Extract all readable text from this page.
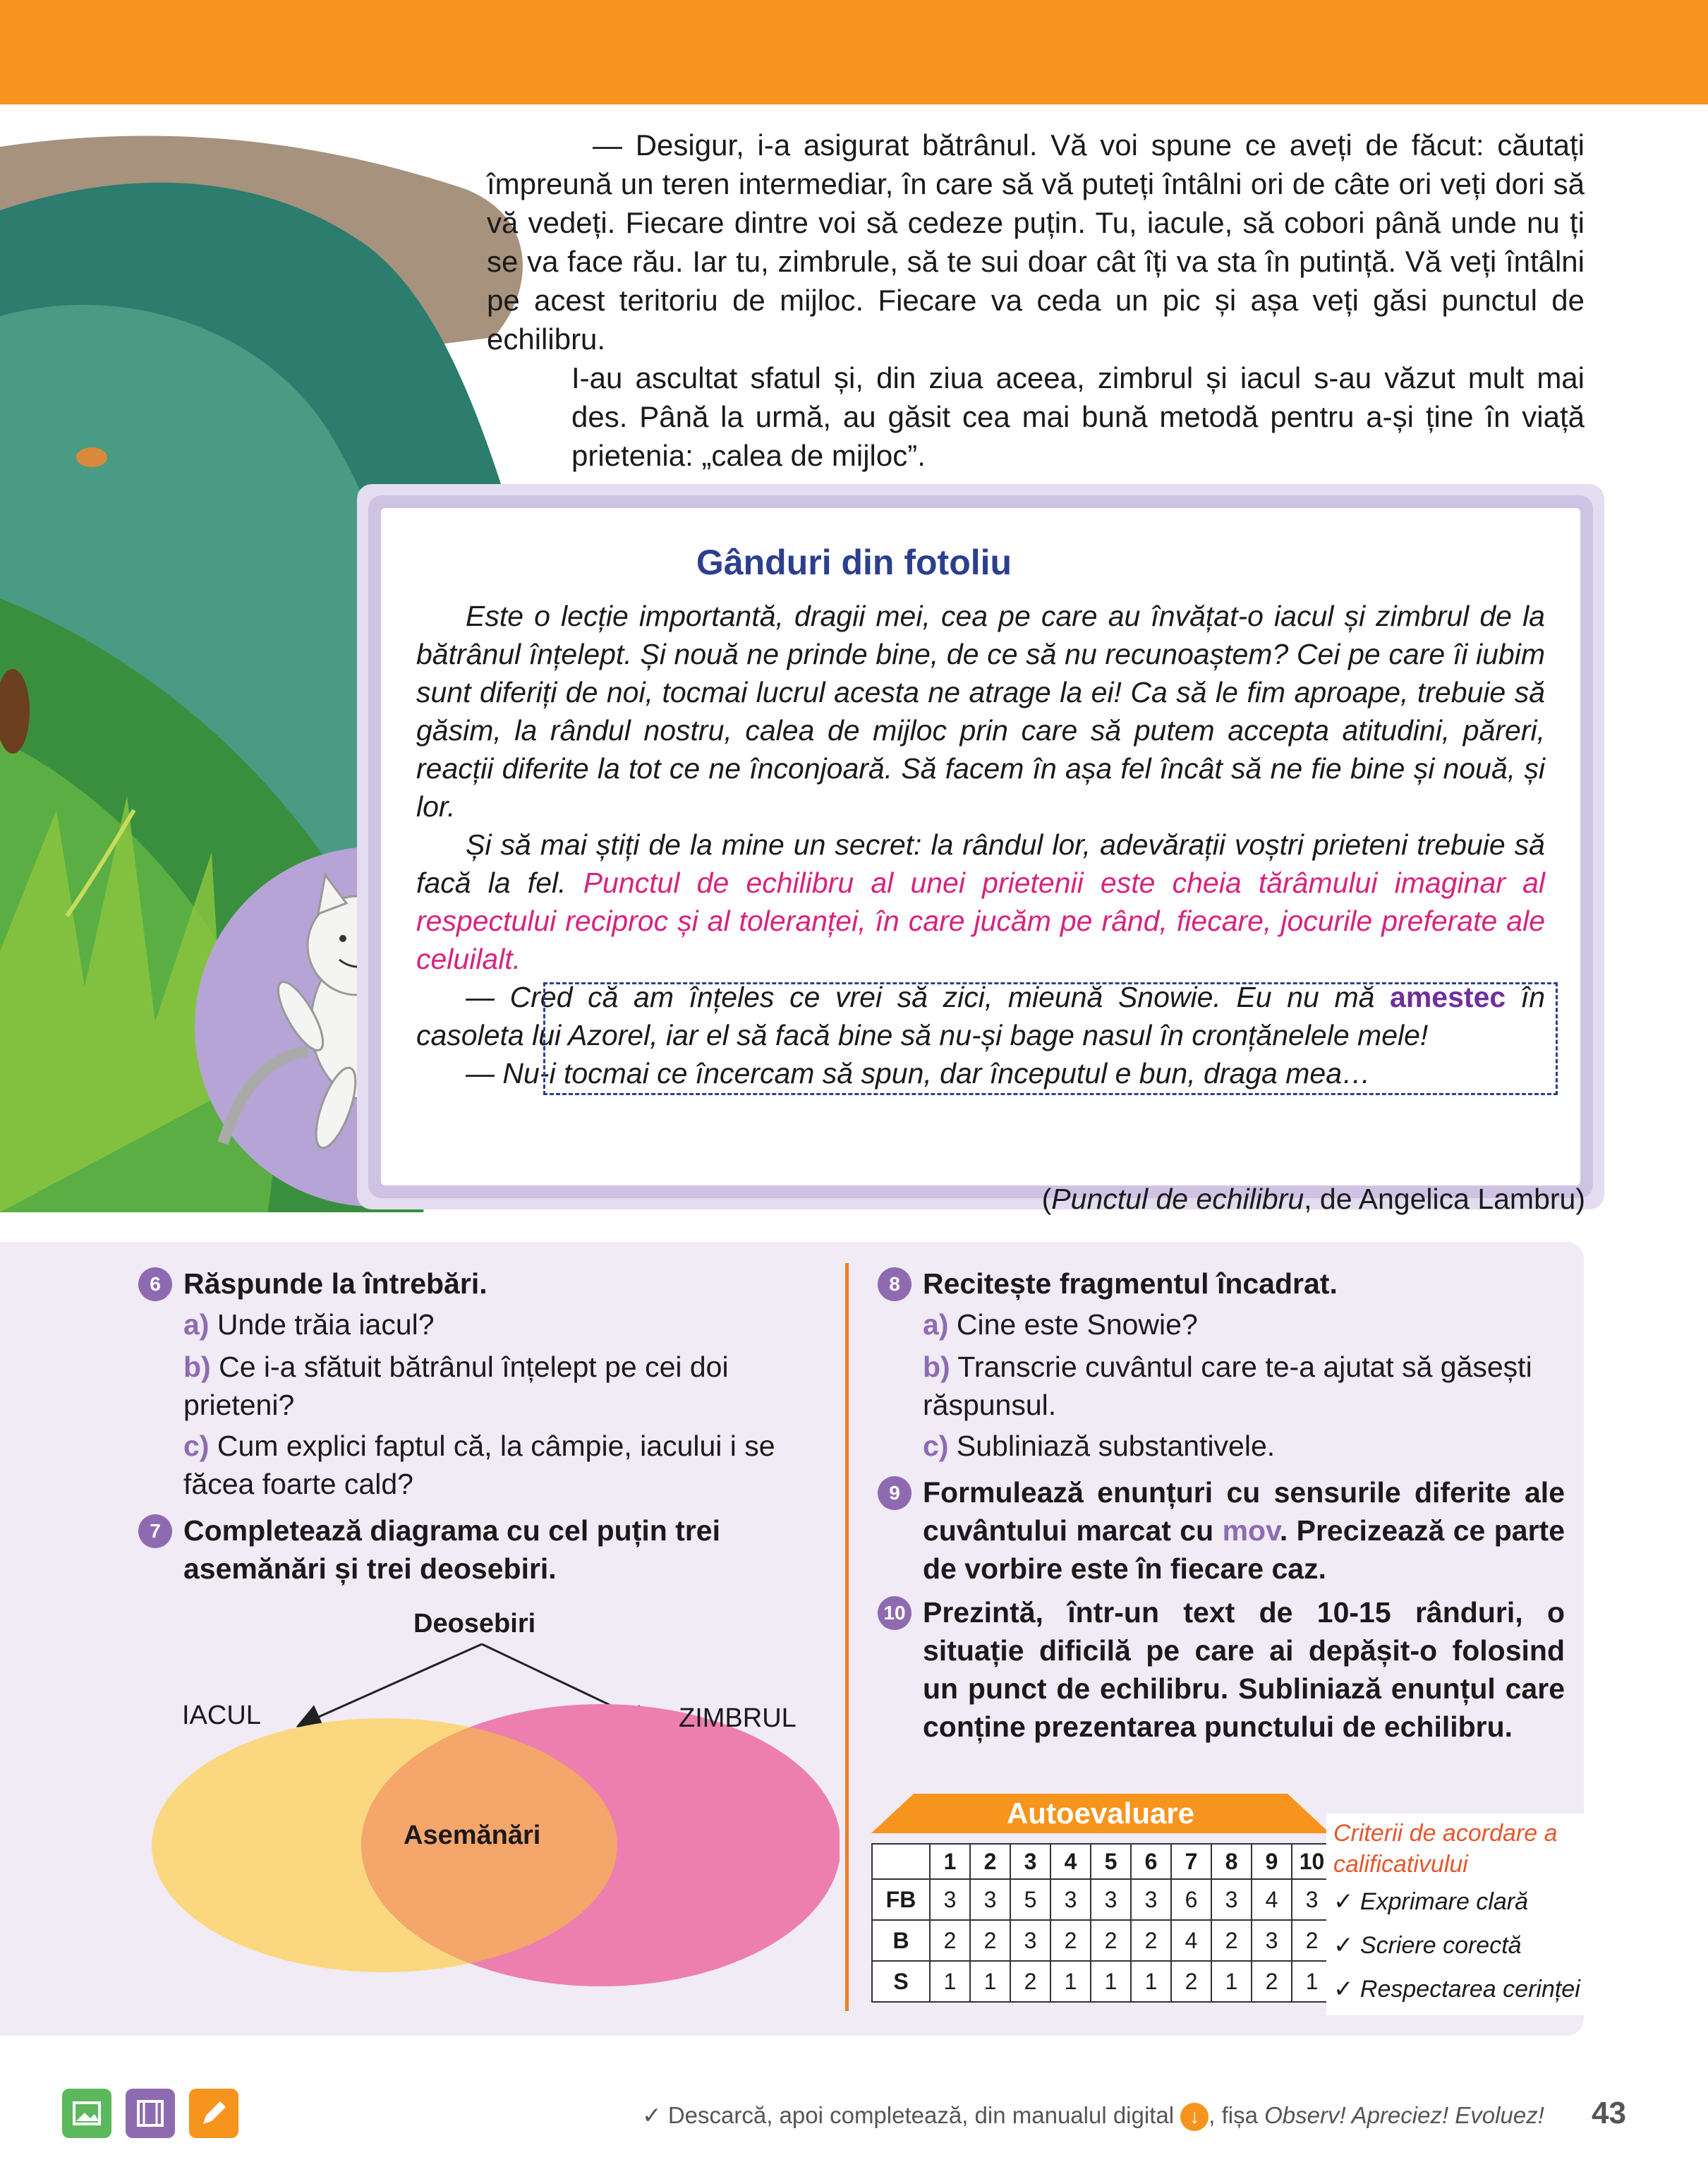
— Desigur, i-a asigurat bătrânul. Vă voi spune ce aveți de făcut: căutați împreună un teren intermediar, în care să vă puteți întâlni ori de câte ori veți dori să vă vedeți. Fiecare dintre voi să cedeze puțin. Tu, iacule, să cobori până unde nu ți se va face rău. Iar tu, zimbrule, să te sui doar cât îți va sta în putință. Vă veți întâlni pe acest teritoriu de mijloc. Fiecare va ceda un pic și așa veți găsi punctul de echilibru.

I-au ascultat sfatul și, din ziua aceea, zimbrul și iacul s-au văzut mult mai des. Până la urmă, au găsit cea mai bună metodă pentru a-și ține în viață prietenia: „calea de mijloc”.

Gânduri din fotoliu

Este o lecție importantă, dragii mei, cea pe care au învățat-o iacul și zimbrul de la bătrânul înțelept. Și nouă ne prinde bine, de ce să nu recunoaștem? Cei pe care îi iubim sunt diferiți de noi, tocmai lucrul acesta ne atrage la ei! Ca să le fim aproape, trebuie să găsim, la rândul nostru, calea de mijloc prin care să putem accepta atitudini, păreri, reacții diferite la tot ce ne înconjoară. Să facem în așa fel încât să ne fie bine și nouă, și lor.

Și să mai știți de la mine un secret: la rândul lor, adevărații voștri prieteni trebuie să facă la fel. Punctul de echilibru al unei prietenii este cheia tărâmului imaginar al respectului reciproc și al toleranței, în care jucăm pe rând, fiecare, jocurile preferate ale celuilalt.

— Cred că am înțeles ce vrei să zici, mieună Snowie. Eu nu mă amestec în casoleta lui Azorel, iar el să facă bine să nu-și bage nasul în cronțănelele mele!

— Nu-i tocmai ce încercam să spun, dar începutul e bun, draga mea…

(Punctul de echilibru, de Angelica Lambru)
6 Răspunde la întrebări.
a) Unde trăia iacul?
b) Ce i-a sfătuit bătrânul înțelept pe cei doi prieteni?
c) Cum explici faptul că, la câmpie, iacului i se făcea foarte cald?
7 Completează diagrama cu cel puțin trei asemănări și trei deosebiri.
Deosebiri
IACUL	ZIMBRUL
Asemănări
8 Recitește fragmentul încadrat.
a) Cine este Snowie?
b) Transcrie cuvântul care te-a ajutat să găsești răspunsul.
c) Subliniază substantivele.
9 Formulează enunțuri cu sensurile diferite ale cuvântului marcat cu mov. Precizează ce parte de vorbire este în fiecare caz.
10 Prezintă, într-un text de 10-15 rânduri, o situație dificilă pe care ai depășit-o folosind un punct de echilibru. Subliniază enunțul care conține prezentarea punctului de echilibru.
Autoevaluare
	1	2	3	4	5	6	7	8	9	10
FB	3	3	5	3	3	3	6	3	4	3
B	2	2	3	2	2	2	4	2	3	2
S	1	1	2	1	1	1	2	1	2	1
Criterii de acordare a calificativului
✓ Exprimare clară
✓ Scriere corectă
✓ Respectarea cerinței
✓ Descarcă, apoi completează, din manualul digital ↓ , fișa Observ! Apreciez! Evoluez! 43
